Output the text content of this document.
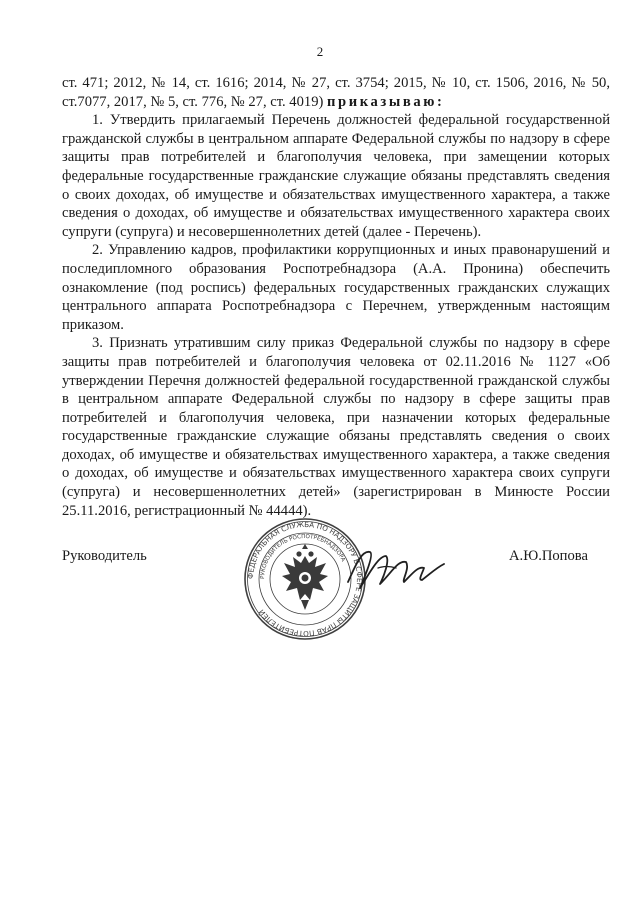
2

ст. 471; 2012, № 14, ст. 1616; 2014, № 27, ст. 3754; 2015, № 10, ст. 1506, 2016, № 50, ст.7077, 2017, № 5, ст. 776, № 27, ст. 4019) приказываю:

1. Утвердить прилагаемый Перечень должностей федеральной государственной гражданской службы в центральном аппарате Федеральной службы по надзору в сфере защиты прав потребителей и благополучия человека, при замещении которых федеральные государственные гражданские служащие обязаны представлять сведения о своих доходах, об имуществе и обязательствах имущественного характера, а также сведения о доходах, об имуществе и обязательствах имущественного характера своих супруги (супруга) и несовершеннолетних детей (далее - Перечень).

2. Управлению кадров, профилактики коррупционных и иных правонарушений и последипломного образования Роспотребнадзора (А.А. Пронина) обеспечить ознакомление (под роспись) федеральных государственных гражданских служащих центрального аппарата Роспотребнадзора с Перечнем, утвержденным настоящим приказом.

3. Признать утратившим силу приказ Федеральной службы по надзору в сфере защиты прав потребителей и благополучия человека от 02.11.2016 № 1127 «Об утверждении Перечня должностей федеральной государственной гражданской службы в центральном аппарате Федеральной службы по надзору в сфере защиты прав потребителей и благополучия человека, при назначении которых федеральные государственные гражданские служащие обязаны представлять сведения о своих доходах, об имуществе и обязательствах имущественного характера, а также сведения о доходах, об имуществе и обязательствах имущественного характера своих супруги (супруга) и несовершеннолетних детей» (зарегистрирован в Минюсте России 25.11.2016, регистрационный № 44444).

Руководитель	А.Ю.Попова
ФЕДЕРАЛЬНАЯ СЛУЖБА ПО НАДЗОРУ В СФЕРЕ ЗАЩИТЫ ПРАВ ПОТРЕБИТЕЛЕЙ
РУКОВОДИТЕЛЬ РОСПОТРЕБНАДЗОРА
